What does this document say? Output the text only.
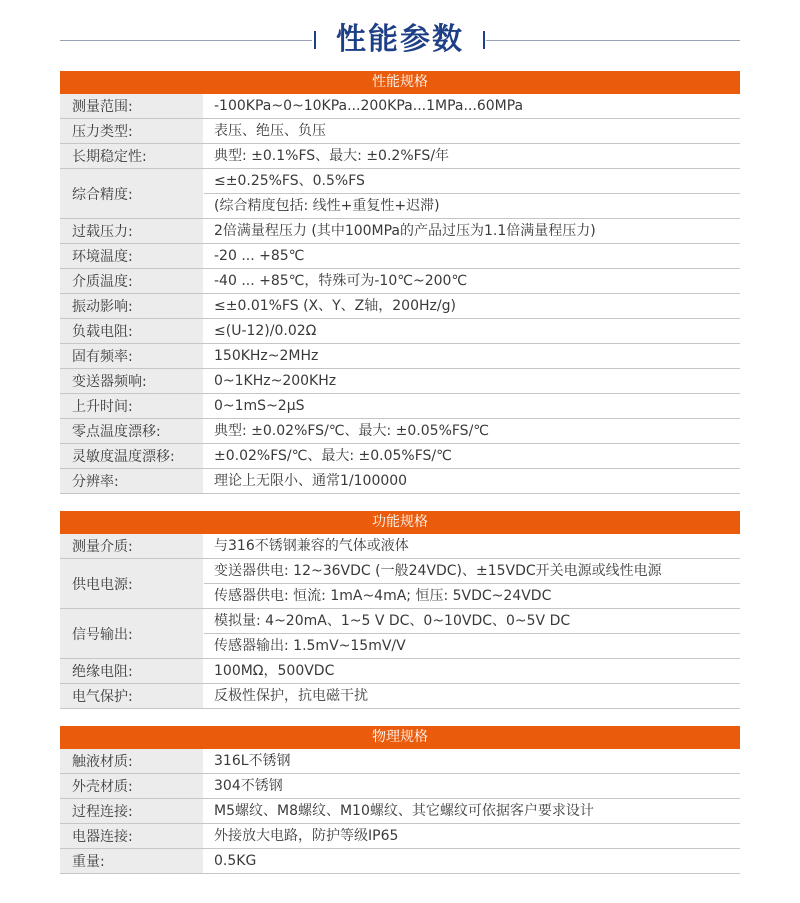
性能参数
性能规格
测量范围:	-100KPa~0~10KPa...200KPa...1MPa...60MPa
压力类型:	表压、绝压、负压
长期稳定性:	典型: ±0.1%FS、最大: ±0.2%FS/年
综合精度:
≤±0.25%FS、0.5%FS
(综合精度包括: 线性+重复性+迟滞)
过载压力:	2倍满量程压力 (其中100MPa的产品过压为1.1倍满量程压力)
环境温度:	-20 ... +85℃
介质温度:	-40 ... +85℃，特殊可为-10℃~200℃
振动影响:	≤±0.01%FS (X、Y、Z轴，200Hz/g)
负载电阻:	≤(U-12)/0.02Ω
固有频率:	150KHz~2MHz
变送器频响:	0~1KHz~200KHz
上升时间:	0~1mS~2μS
零点温度漂移:	典型: ±0.02%FS/℃、最大: ±0.05%FS/℃
灵敏度温度漂移:	±0.02%FS/℃、最大: ±0.05%FS/℃
分辨率:	理论上无限小、通常1/100000
功能规格
测量介质:	与316不锈钢兼容的气体或液体
供电电源:
变送器供电: 12~36VDC (一般24VDC)、±15VDC开关电源或线性电源
传感器供电: 恒流: 1mA~4mA; 恒压: 5VDC~24VDC
信号输出:
模拟量: 4~20mA、1~5 V DC、0~10VDC、0~5V DC
传感器输出: 1.5mV~15mV/V
绝缘电阻:	100MΩ，500VDC
电气保护:	反极性保护，抗电磁干扰
物理规格
触液材质:	316L不锈钢
外壳材质:	304不锈钢
过程连接:	M5螺纹、M8螺纹、M10螺纹、其它螺纹可依据客户要求设计
电器连接:	外接放大电路，防护等级IP65
重量:	0.5KG
